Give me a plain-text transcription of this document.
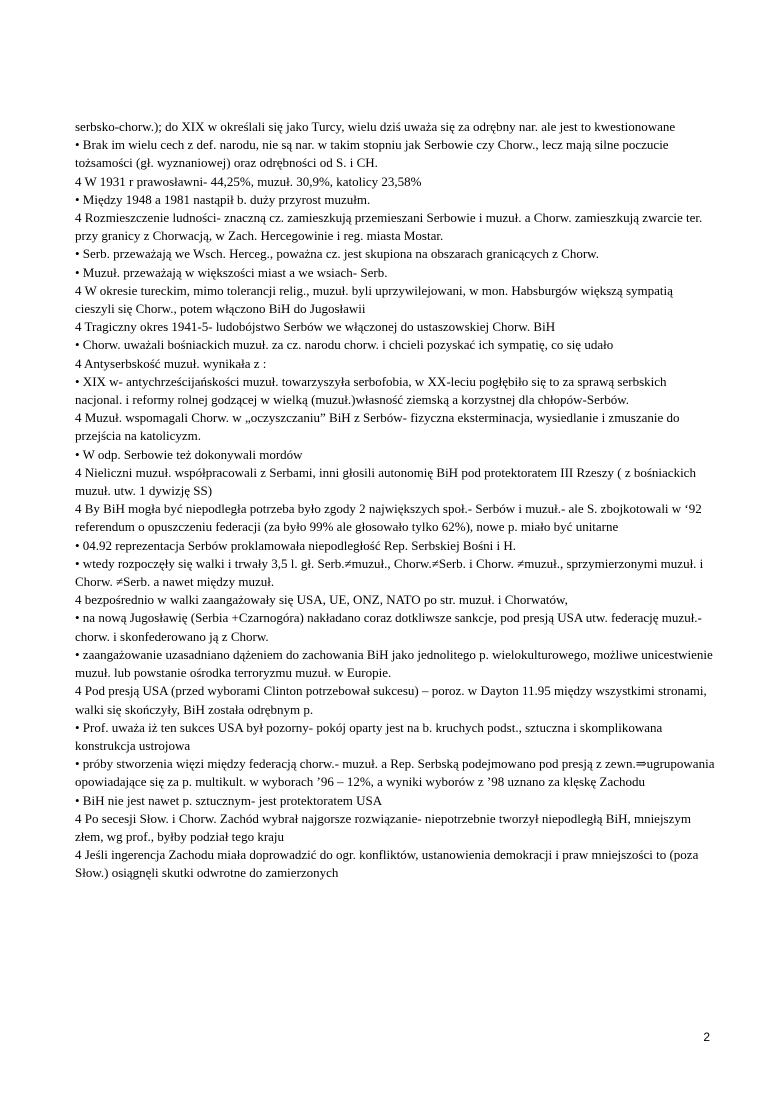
serbsko-chorw.); do XIX w określali się jako Turcy, wielu dziś uważa się za odrębny nar. ale jest to kwestionowane

• Brak im wielu cech z def. narodu, nie są nar. w takim stopniu jak Serbowie czy Chorw., lecz mają silne poczucie tożsamości (gł. wyznaniowej) oraz odrębności od S. i CH.

4 W 1931 r prawosławni- 44,25%, muzuł. 30,9%, katolicy 23,58%

• Między 1948 a 1981 nastąpił b. duży przyrost muzułm.

4 Rozmieszczenie ludności- znaczną cz. zamieszkują przemieszani Serbowie i muzuł. a Chorw. zamieszkują zwarcie ter. przy granicy z Chorwacją, w Zach. Hercegowinie i reg. miasta Mostar.

• Serb. przeważają we Wsch. Herceg., poważna cz. jest skupiona na obszarach granicących z Chorw.

• Muzuł. przeważają w większości miast a we wsiach- Serb.

4 W okresie tureckim, mimo tolerancji relig., muzuł. byli uprzywilejowani, w mon. Habsburgów większą sympatią cieszyli się Chorw., potem włączono BiH do Jugosławii

4 Tragiczny okres 1941-5- ludobójstwo Serbów we włączonej do ustaszowskiej Chorw. BiH

• Chorw. uważali bośniackich muzuł. za cz. narodu chorw. i chcieli pozyskać ich sympatię, co się udało

4 Antyserbskość muzuł. wynikała z :

• XIX w- antychrześcijańskości muzuł. towarzyszyła serbofobia, w XX-leciu pogłębiło się to za sprawą serbskich nacjonal. i reformy rolnej godzącej w wielką (muzuł.)własność ziemską a korzystnej dla chłopów-Serbów.

4 Muzuł. wspomagali Chorw. w „oczyszczaniu” BiH z Serbów- fizyczna eksterminacja, wysiedlanie i zmuszanie do przejścia na katolicyzm.

• W odp. Serbowie też dokonywali mordów

4 Nieliczni muzuł. współpracowali z Serbami, inni głosili autonomię BiH pod protektoratem III Rzeszy ( z bośniackich muzuł. utw. 1 dywizję SS)

4 By BiH mogła być niepodległa potrzeba było zgody 2 największych społ.- Serbów i muzuł.- ale S. zbojkotowali w ‘92 referendum o opuszczeniu federacji (za było 99% ale głosowało tylko 62%), nowe p. miało być unitarne

• 04.92 reprezentacja Serbów proklamowała niepodległość Rep. Serbskiej Bośni i H.

• wtedy rozpoczęły się walki i trwały 3,5 l. gł. Serb.≠muzuł., Chorw.≠Serb. i Chorw. ≠muzuł., sprzymierzonymi muzuł. i Chorw. ≠Serb. a nawet między muzuł.

4 bezpośrednio w walki zaangażowały się USA, UE, ONZ, NATO po str. muzuł. i Chorwatów,

• na nową Jugosławię (Serbia +Czarnogóra) nakładano coraz dotkliwsze sankcje, pod presją USA utw. federację muzuł.-chorw. i skonfederowano ją z Chorw.

• zaangażowanie uzasadniano dążeniem do zachowania BiH jako jednolitego p. wielokulturowego, możliwe unicestwienie muzuł. lub powstanie ośrodka terroryzmu muzuł. w Europie.

4 Pod presją USA (przed wyborami Clinton potrzebował sukcesu) – poroz. w Dayton 11.95 między wszystkimi stronami, walki się skończyły, BiH została odrębnym p.

• Prof. uważa iż ten sukces USA był pozorny- pokój oparty jest na b. kruchych podst., sztuczna i skomplikowana konstrukcja ustrojowa

• próby stworzenia więzi między federacją chorw.- muzuł. a Rep. Serbską podejmowano pod presją z zewn.⇒ugrupowania opowiadające się za p. multikult. w wyborach ’96 – 12%, a wyniki wyborów z ’98 uznano za klęskę Zachodu

• BiH nie jest nawet p. sztucznym- jest protektoratem USA

4 Po secesji Słow. i Chorw. Zachód wybrał najgorsze rozwiązanie- niepotrzebnie tworzył niepodległą BiH, mniejszym złem, wg prof., byłby podział tego kraju

4 Jeśli ingerencja Zachodu miała doprowadzić do ogr. konfliktów, ustanowienia demokracji i praw mniejszości to (poza Słow.) osiągnęli skutki odwrotne do zamierzonych

2
